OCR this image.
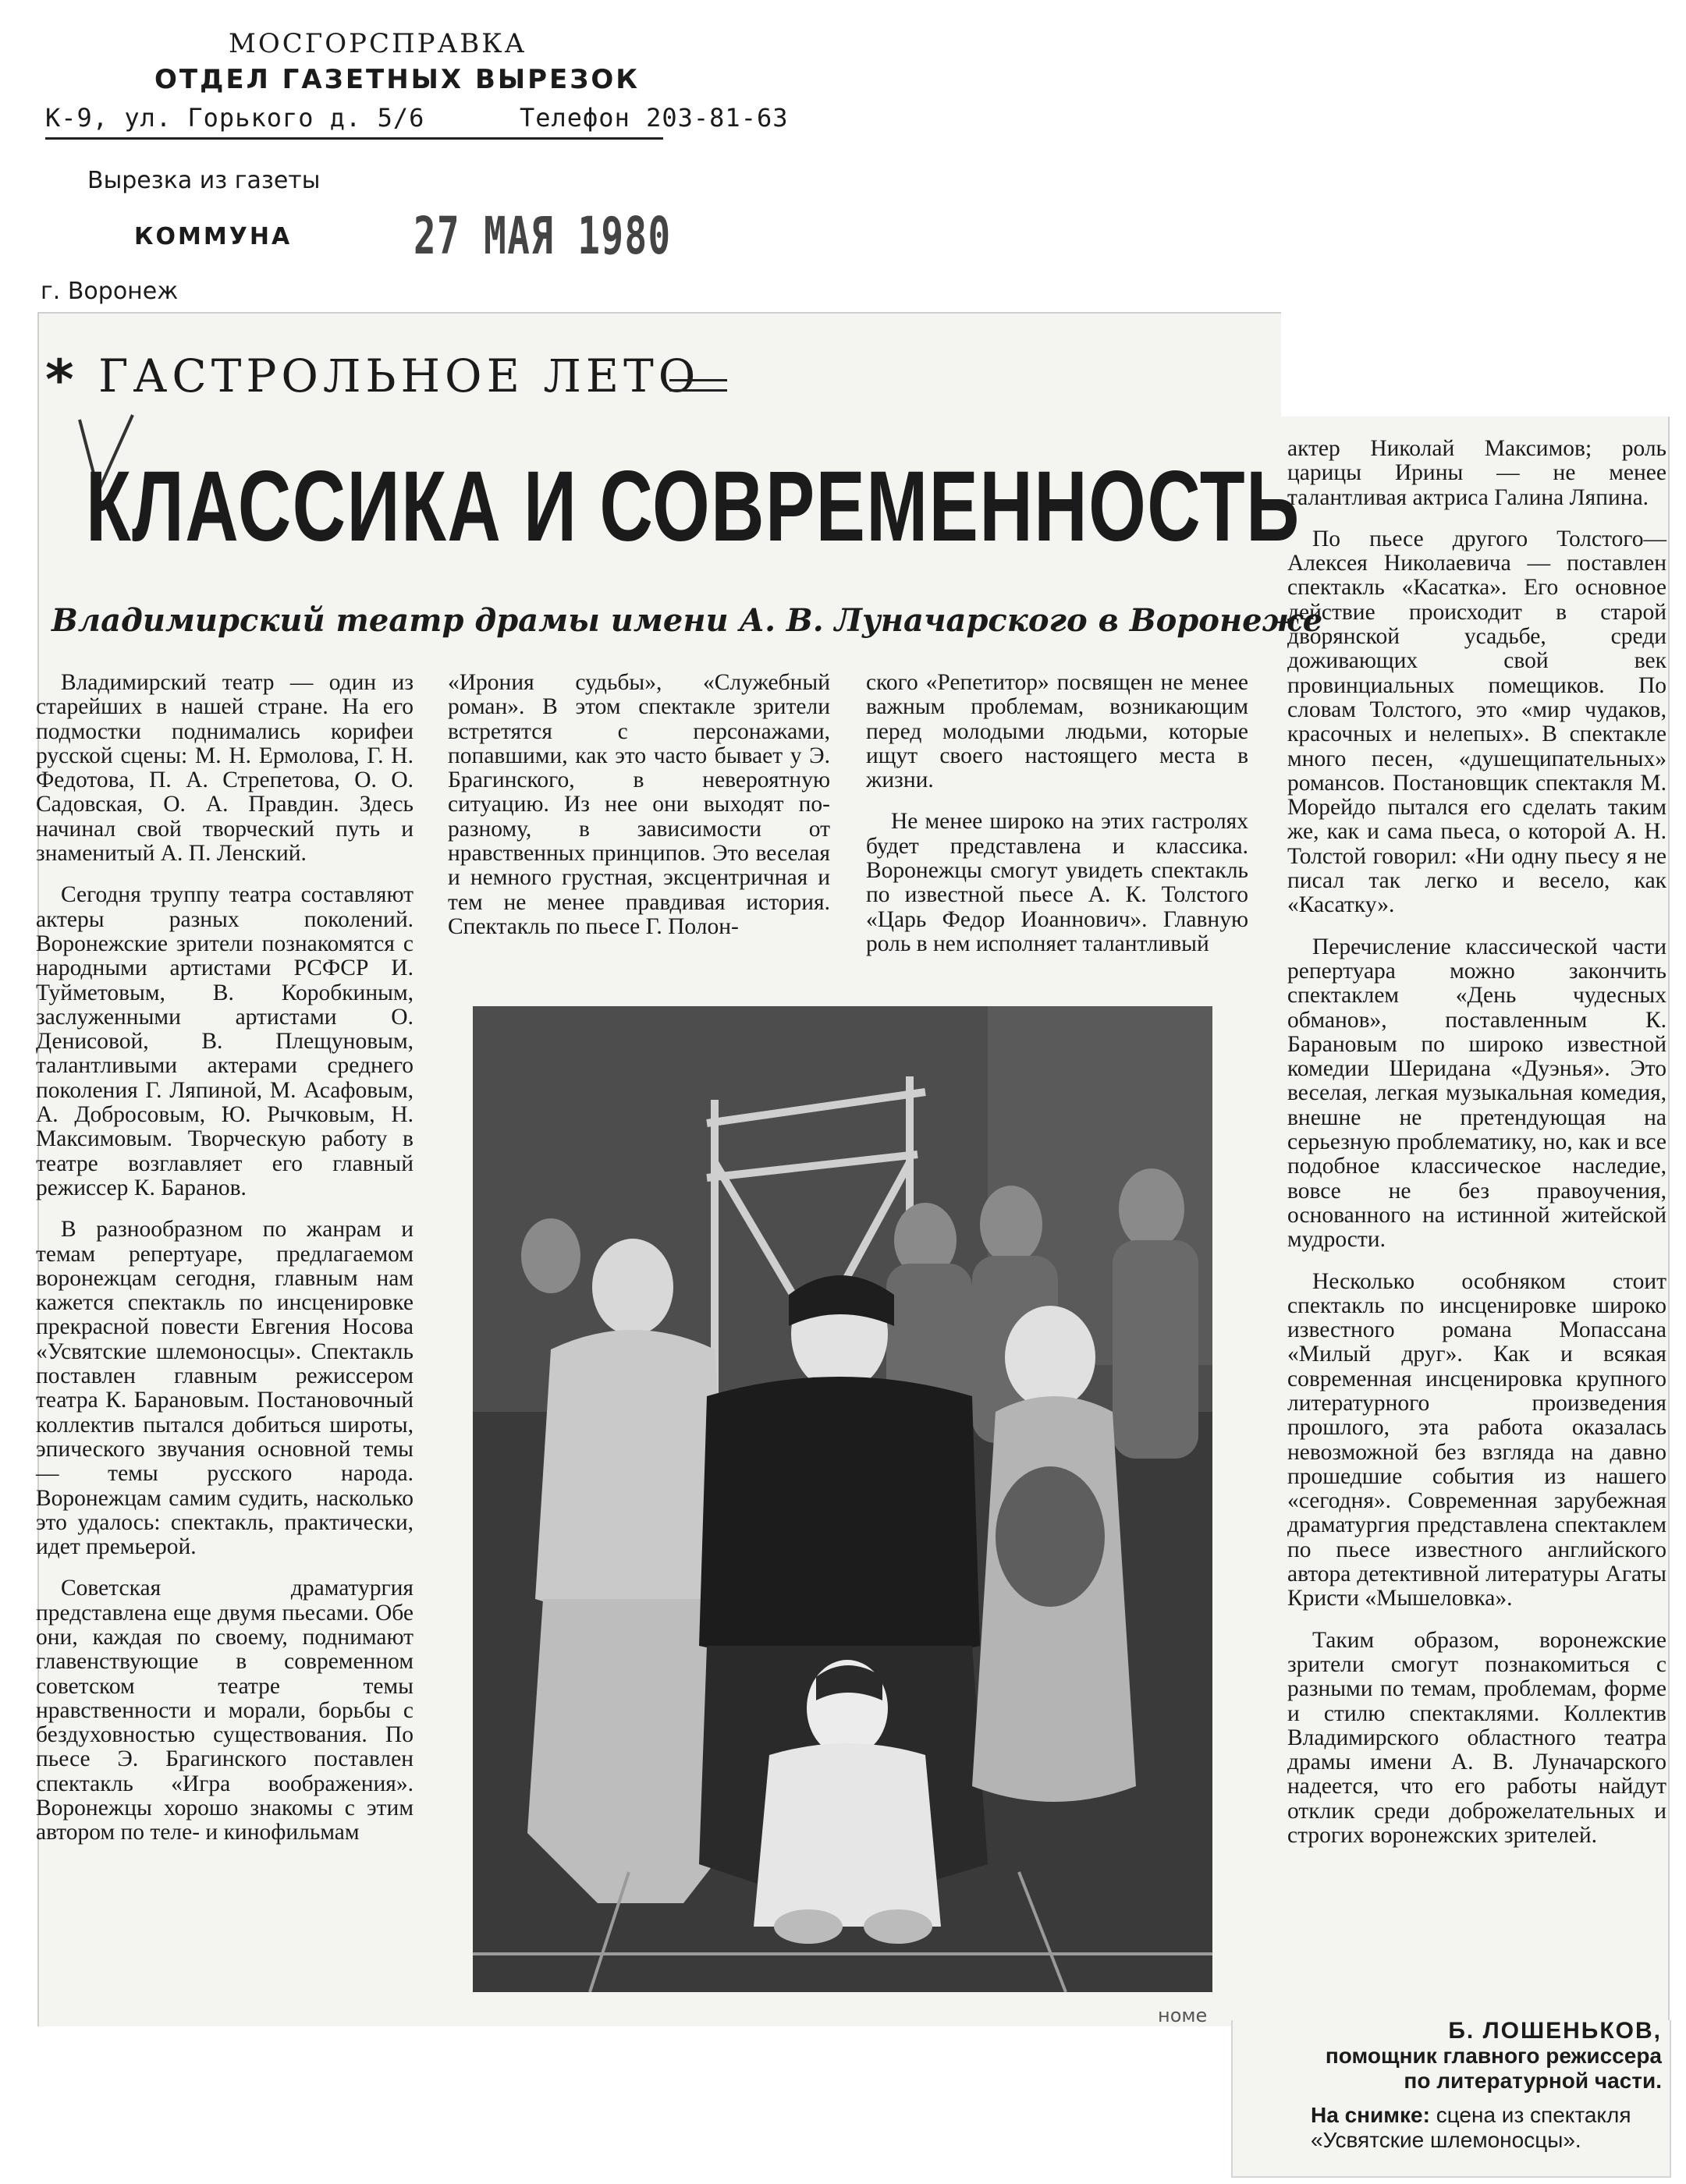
МОСГОРСПРАВКА
ОТДЕЛ ГАЗЕТНЫХ ВЫРЕЗОК
К-9, ул. Горького д. 5/6	Телефон 203-81-63
Вырезка из газеты
КОММУНА 27 МАЯ 1980
г. Воронеж
* ГАСТРОЛЬНОЕ ЛЕТО
КЛАССИКА И СОВРЕМЕННОСТЬ
Владимирский театр драмы имени А. В. Луначарского в Воронеже

Владимирский театр — один из старейших в нашей стране. На его подмостки поднимались корифеи русской сцены: М. Н. Ермолова, Г. Н. Федотова, П. А. Стрепетова, О. О. Садовская, О. А. Правдин. Здесь начинал свой творческий путь и знаменитый А. П. Ленский.

Сегодня труппу театра составляют актеры разных поколений. Воронежские зрители познакомятся с народными артистами РСФСР И. Туйметовым, В. Коробкиным, заслуженными артистами О. Денисовой, В. Плещуновым, талантливыми актерами среднего поколения Г. Ляпиной, М. Асафовым, А. Добросовым, Ю. Рычковым, Н. Максимовым. Творческую работу в театре возглавляет его главный режиссер К. Баранов.

В разнообразном по жанрам и темам репертуаре, предлагаемом воронежцам сегодня, главным нам кажется спектакль по инсценировке прекрасной повести Евгения Носова «Усвятские шлемоносцы». Спектакль поставлен главным режиссером театра К. Барановым. Постановочный коллектив пытался добиться широты, эпического звучания основной темы — темы русского народа. Воронежцам самим судить, насколько это удалось: спектакль, практически, идет премьерой.

Советская драматургия представлена еще двумя пьесами. Обе они, каждая по своему, поднимают главенствующие в современном советском театре темы нравственности и морали, борьбы с бездуховностью существования. По пьесе Э. Брагинского поставлен спектакль «Игра воображения». Воронежцы хорошо знакомы с этим автором по теле- и кинофильмам

«Ирония судьбы», «Служебный роман». В этом спектакле зрители встретятся с персонажами, попавшими, как это часто бывает у Э. Брагинского, в невероятную ситуацию. Из нее они выходят по-разному, в зависимости от нравственных принципов. Это веселая и немного грустная, эксцентричная и тем не менее правдивая история. Спектакль по пьесе Г. Полон-

ского «Репетитор» посвящен не менее важным проблемам, возникающим перед молодыми людьми, которые ищут своего настоящего места в жизни.

Не менее широко на этих гастролях будет представлена и классика. Воронежцы смогут увидеть спектакль по известной пьесе А. К. Толстого «Царь Федор Иоаннович». Главную роль в нем исполняет талантливый

актер Николай Максимов; роль царицы Ирины — не менее талантливая актриса Галина Ляпина.

По пьесе другого Толстого— Алексея Николаевича — поставлен спектакль «Касатка». Его основное действие происходит в старой дворянской усадьбе, среди доживающих свой век провинциальных помещиков. По словам Толстого, это «мир чудаков, красочных и нелепых». В спектакле много песен, «душещипательных» романсов. Постановщик спектакля М. Морейдо пытался его сделать таким же, как и сама пьеса, о которой А. Н. Толстой говорил: «Ни одну пьесу я не писал так легко и весело, как «Касатку».

Перечисление классической части репертуара можно закончить спектаклем «День чудесных обманов», поставленным К. Барановым по широко известной комедии Шеридана «Дуэнья». Это веселая, легкая музыкальная комедия, внешне не претендующая на серьезную проблематику, но, как и все подобное классическое наследие, вовсе не без правоучения, основанного на истинной житейской мудрости.

Несколько особняком стоит спектакль по инсценировке широко известного романа Мопассана «Милый друг». Как и всякая современная инсценировка крупного литературного произведения прошлого, эта работа оказалась невозможной без взгляда на давно прошедшие события из нашего «сегодня». Современная зарубежная драматургия представлена спектаклем по пьесе известного английского автора детективной литературы Агаты Кристи «Мышеловка».

Таким образом, воронежские зрители смогут познакомиться с разными по темам, проблемам, форме и стилю спектаклями. Коллектив Владимирского областного театра драмы имени А. В. Луначарского надеется, что его работы найдут отклик среди доброжелательных и строгих воронежских зрителей.

номе
Б. ЛОШЕНЬКОВ,
помощник главного режиссера
по литературной части.
На снимке: сцена из спектакля «Усвятские шлемоносцы».
